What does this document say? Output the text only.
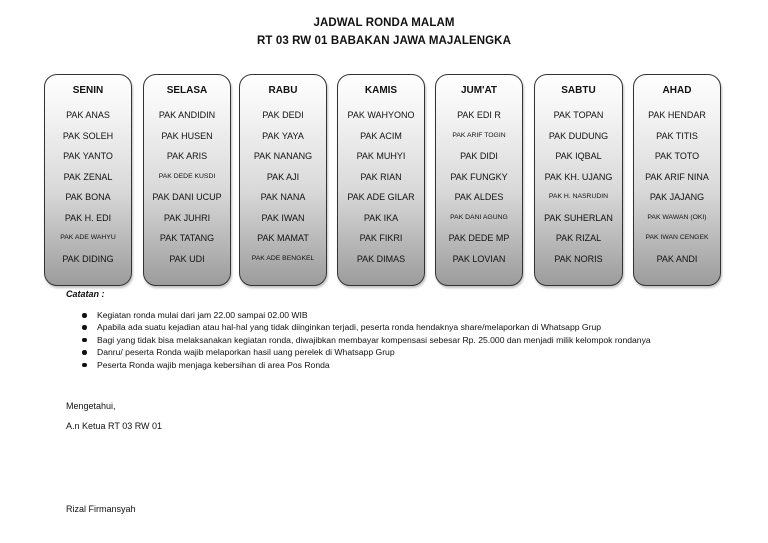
JADWAL RONDA MALAM
RT 03 RW 01 BABAKAN JAWA MAJALENGKA
SENIN
PAK ANAS
PAK SOLEH
PAK YANTO
PAK ZENAL
PAK BONA
PAK H. EDI
PAK ADE WAHYU
PAK DIDING
SELASA
PAK ANDIDIN
PAK HUSEN
PAK ARIS
PAK DEDE KUSDI
PAK DANI UCUP
PAK JUHRI
PAK TATANG
PAK UDI
RABU
PAK DEDI
PAK YAYA
PAK NANANG
PAK AJI
PAK NANA
PAK IWAN
PAK MAMAT
PAK ADE BENGKEL
KAMIS
PAK WAHYONO
PAK ACIM
PAK MUHYI
PAK RIAN
PAK ADE GILAR
PAK IKA
PAK FIKRI
PAK DIMAS
JUM'AT
PAK EDI R
PAK ARIF TOGIN
PAK DIDI
PAK FUNGKY
PAK ALDES
PAK DANI AGUNG
PAK DEDE MP
PAK LOVIAN
SABTU
PAK TOPAN
PAK DUDUNG
PAK IQBAL
PAK KH. UJANG
PAK H. NASRUDIN
PAK SUHERLAN
PAK RIZAL
PAK NORIS
AHAD
PAK HENDAR
PAK TITIS
PAK TOTO
PAK ARIF NINA
PAK JAJANG
PAK WAWAN (OKI)
PAK IWAN CENGEK
PAK ANDI
Catatan :
Kegiatan ronda mulai dari jam 22.00 sampai 02.00 WIB
Apabila ada suatu kejadian atau hal-hal yang tidak diinginkan terjadi, peserta ronda hendaknya share/melaporkan di Whatsapp Grup
Bagi yang tidak bisa melaksanakan kegiatan ronda, diwajibkan membayar kompensasi sebesar Rp. 25.000 dan menjadi milik kelompok rondanya
Danru/ peserta Ronda wajib melaporkan hasil uang perelek di Whatsapp Grup
Peserta Ronda wajib menjaga kebersihan di area Pos Ronda
Mengetahui,
A.n Ketua RT 03 RW 01
Rizal Firmansyah
